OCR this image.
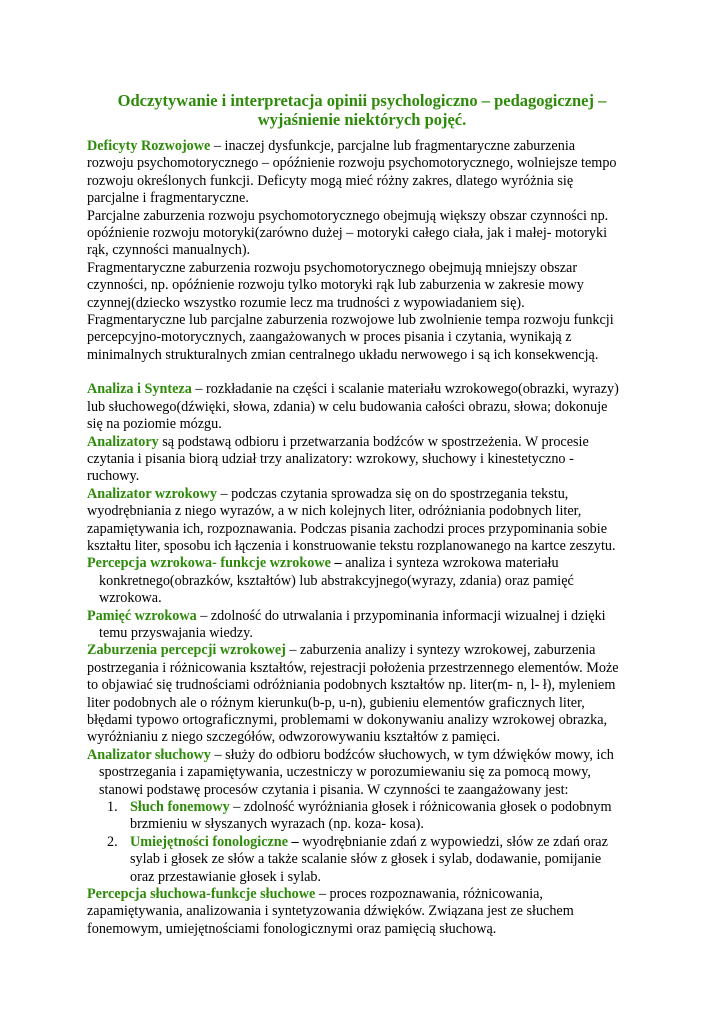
Odczytywanie i interpretacja opinii psychologiczno – pedagogicznej –
wyjaśnienie niektórych pojęć.
Deficyty Rozwojowe – inaczej dysfunkcje, parcjalne lub fragmentaryczne zaburzenia
rozwoju psychomotorycznego – opóźnienie rozwoju psychomotorycznego, wolniejsze tempo
rozwoju określonych funkcji. Deficyty mogą mieć różny zakres, dlatego wyróżnia się
parcjalne i fragmentaryczne.
Parcjalne zaburzenia rozwoju psychomotorycznego obejmują większy obszar czynności np.
opóźnienie rozwoju motoryki(zarówno dużej – motoryki całego ciała, jak i małej- motoryki
rąk, czynności manualnych).
Fragmentaryczne zaburzenia rozwoju psychomotorycznego obejmują mniejszy obszar
czynności, np. opóźnienie rozwoju tylko motoryki rąk lub zaburzenia w zakresie mowy
czynnej(dziecko wszystko rozumie lecz ma trudności z wypowiadaniem się).
Fragmentaryczne lub parcjalne zaburzenia rozwojowe lub zwolnienie tempa rozwoju funkcji
percepcyjno-motorycznych, zaangażowanych w proces pisania i czytania, wynikają z
minimalnych strukturalnych zmian centralnego układu nerwowego i są ich konsekwencją.
Analiza i Synteza – rozkładanie na części i scalanie materiału wzrokowego(obrazki, wyrazy)
lub słuchowego(dźwięki, słowa, zdania) w celu budowania całości obrazu, słowa; dokonuje
się na poziomie mózgu.
Analizatory są podstawą odbioru i przetwarzania bodźców w spostrzeżenia. W procesie
czytania i pisania biorą udział trzy analizatory: wzrokowy, słuchowy i kinestetyczno -
ruchowy.
Analizator wzrokowy – podczas czytania sprowadza się on do spostrzegania tekstu,
wyodrębniania z niego wyrazów, a w nich kolejnych liter, odróżniania podobnych liter,
zapamiętywania ich, rozpoznawania. Podczas pisania zachodzi proces przypominania sobie
kształtu liter, sposobu ich łączenia i konstruowanie tekstu rozplanowanego na kartce zeszytu.
Percepcja wzrokowa- funkcje wzrokowe – analiza i synteza wzrokowa materiału
konkretnego(obrazków, kształtów) lub abstrakcyjnego(wyrazy, zdania) oraz pamięć
wzrokowa.
Pamięć wzrokowa – zdolność do utrwalania i przypominania informacji wizualnej i dzięki
temu przyswajania wiedzy.
Zaburzenia percepcji wzrokowej – zaburzenia analizy i syntezy wzrokowej, zaburzenia
postrzegania i różnicowania kształtów, rejestracji położenia przestrzennego elementów. Może
to objawiać się trudnościami odróżniania podobnych kształtów np. liter(m- n, l- ł), myleniem
liter podobnych ale o różnym kierunku(b-p, u-n), gubieniu elementów graficznych liter,
błędami typowo ortograficznymi, problemami w dokonywaniu analizy wzrokowej obrazka,
wyróżnianiu z niego szczegółów, odwzorowywaniu kształtów z pamięci.
Analizator słuchowy – służy do odbioru bodźców słuchowych, w tym dźwięków mowy, ich
spostrzegania i zapamiętywania, uczestniczy w porozumiewaniu się za pomocą mowy,
stanowi podstawę procesów czytania i pisania. W czynności te zaangażowany jest:
1. Słuch fonemowy – zdolność wyróżniania głosek i różnicowania głosek o podobnym
brzmieniu w słyszanych wyrazach (np. koza- kosa).
2. Umiejętności fonologiczne – wyodrębnianie zdań z wypowiedzi, słów ze zdań oraz
sylab i głosek ze słów a także scalanie słów z głosek i sylab, dodawanie, pomijanie
oraz przestawianie głosek i sylab.
Percepcja słuchowa-funkcje słuchowe – proces rozpoznawania, różnicowania,
zapamiętywania, analizowania i syntetyzowania dźwięków. Związana jest ze słuchem
fonemowym, umiejętnościami fonologicznymi oraz pamięcią słuchową.
